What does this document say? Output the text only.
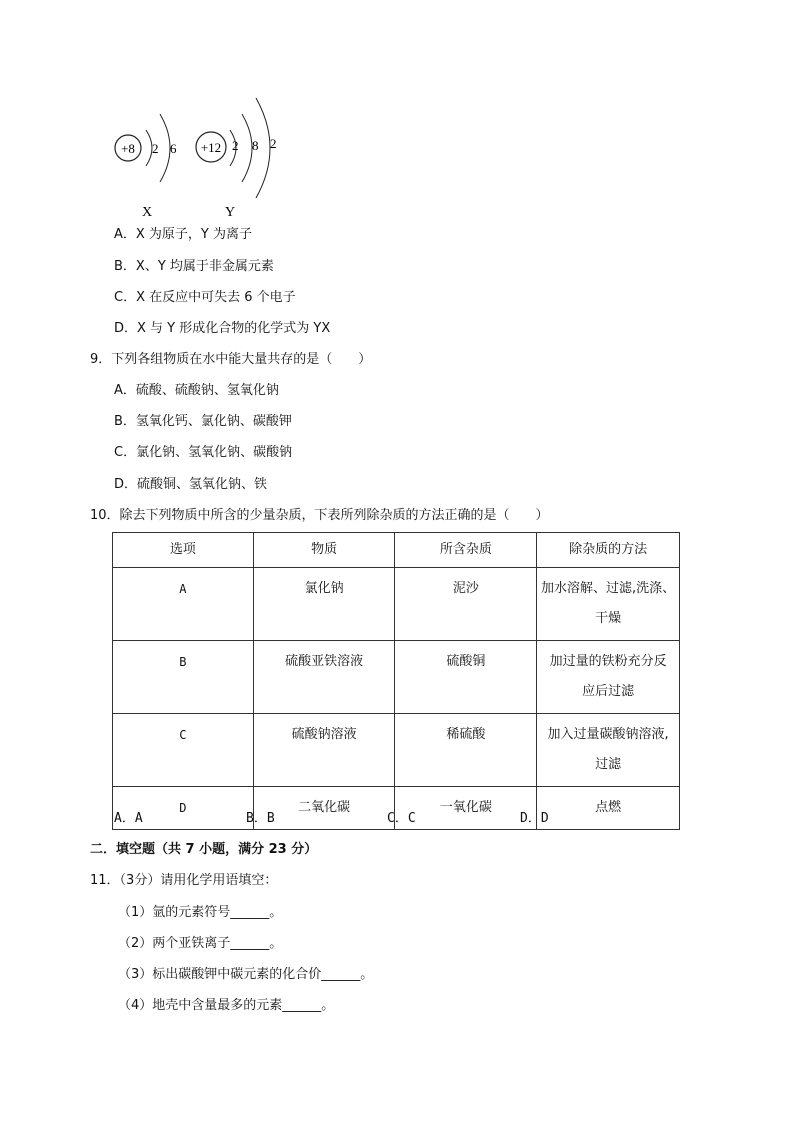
+8 2 6 +12 2 8 2
X	Y
A．X 为原子，Y 为离子
B．X、Y 均属于非金属元素
C．X 在反应中可失去 6 个电子
D．X 与 Y 形成化合物的化学式为 YX
9．下列各组物质在水中能大量共存的是（　　）
A．硫酸、硫酸钠、氢氧化钠
B．氢氧化钙、氯化钠、碳酸钾
C．氯化钠、氢氧化钠、碳酸钠
D．硫酸铜、氢氧化钠、铁
10．除去下列物质中所含的少量杂质，下表所列除杂质的方法正确的是（　　）
选项	物质	所含杂质	除杂质的方法
A	氯化钠	泥沙	加水溶解、过滤,洗涤、
干燥

B	硫酸亚铁溶液	硫酸铜	加过量的铁粉充分反
应后过滤

C	硫酸钠溶液	稀硫酸	加入过量碳酸钠溶液,
过滤

D	二氧化碳	一氧化碳	点燃
A．A	B．B	C．C	D．D
二．填空题（共 7 小题，满分 23 分）
11．（3分）请用化学用语填空：
（1）氩的元素符号______。
（2）两个亚铁离子______。
（3）标出碳酸钾中碳元素的化合价______。
（4）地壳中含量最多的元素______。
